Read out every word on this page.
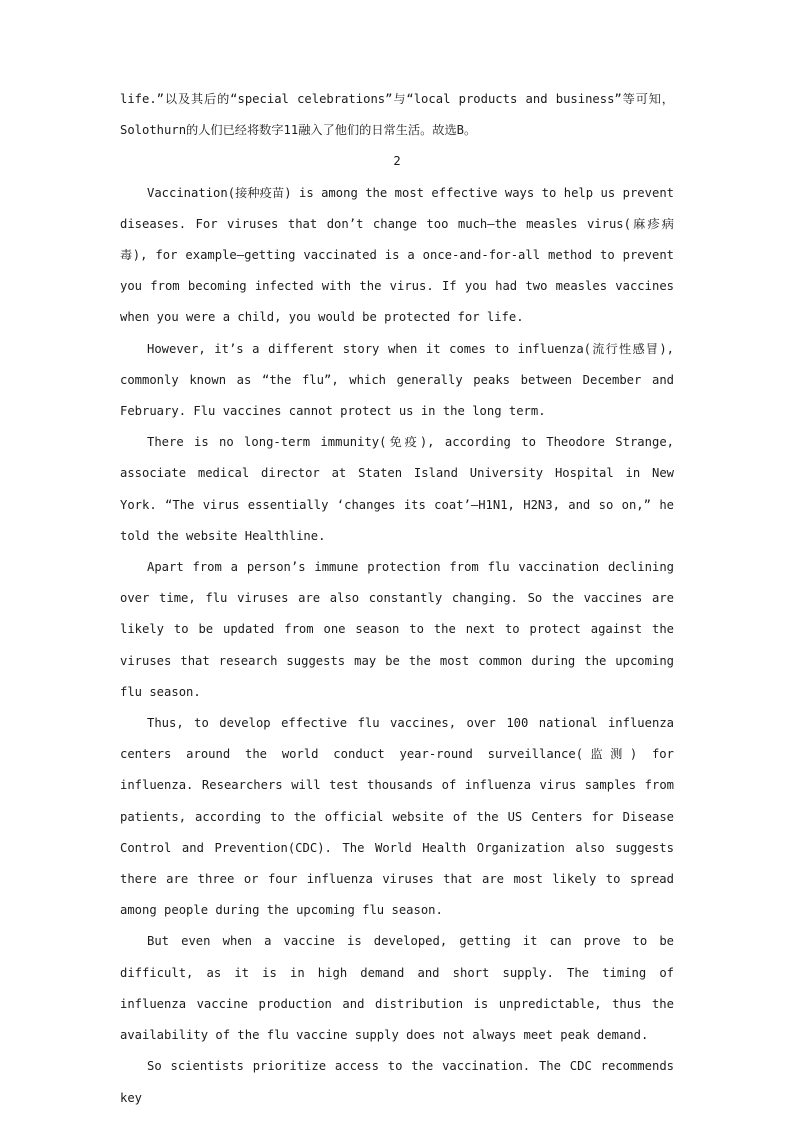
life.”以及其后的“special celebrations”与“local products and business”等可知，Solothurn的人们已经将数字11融入了他们的日常生活。故选B。

2

Vaccination(接种疫苗) is among the most effective ways to help us prevent diseases. For viruses that don’t change too much—the measles virus(麻疹病毒), for example—getting vaccinated is a once-and-for-all method to prevent you from becoming infected with the virus. If you had two measles vaccines when you were a child, you would be protected for life.

However, it’s a different story when it comes to influenza(流行性感冒), commonly known as “the flu”, which generally peaks between December and February. Flu vaccines cannot protect us in the long term.

There is no long-term immunity(免疫), according to Theodore Strange, associate medical director at Staten Island University Hospital in New York. “The virus essentially ‘changes its coat’—H1N1, H2N3, and so on,” he told the website Healthline.

Apart from a person’s immune protection from flu vaccination declining over time, flu viruses are also constantly changing. So the vaccines are likely to be updated from one season to the next to protect against the viruses that research suggests may be the most common during the upcoming flu season.

Thus, to develop effective flu vaccines, over 100 national influenza centers around the world conduct year-round surveillance(监测) for influenza. Researchers will test thousands of influenza virus samples from patients, according to the official website of the US Centers for Disease Control and Prevention(CDC). The World Health Organization also suggests there are three or four influenza viruses that are most likely to spread among people during the upcoming flu season.

But even when a vaccine is developed, getting it can prove to be difficult, as it is in high demand and short supply. The timing of influenza vaccine production and distribution is unpredictable, thus the availability of the flu vaccine supply does not always meet peak demand.

So scientists prioritize access to the vaccination. The CDC recommends key
